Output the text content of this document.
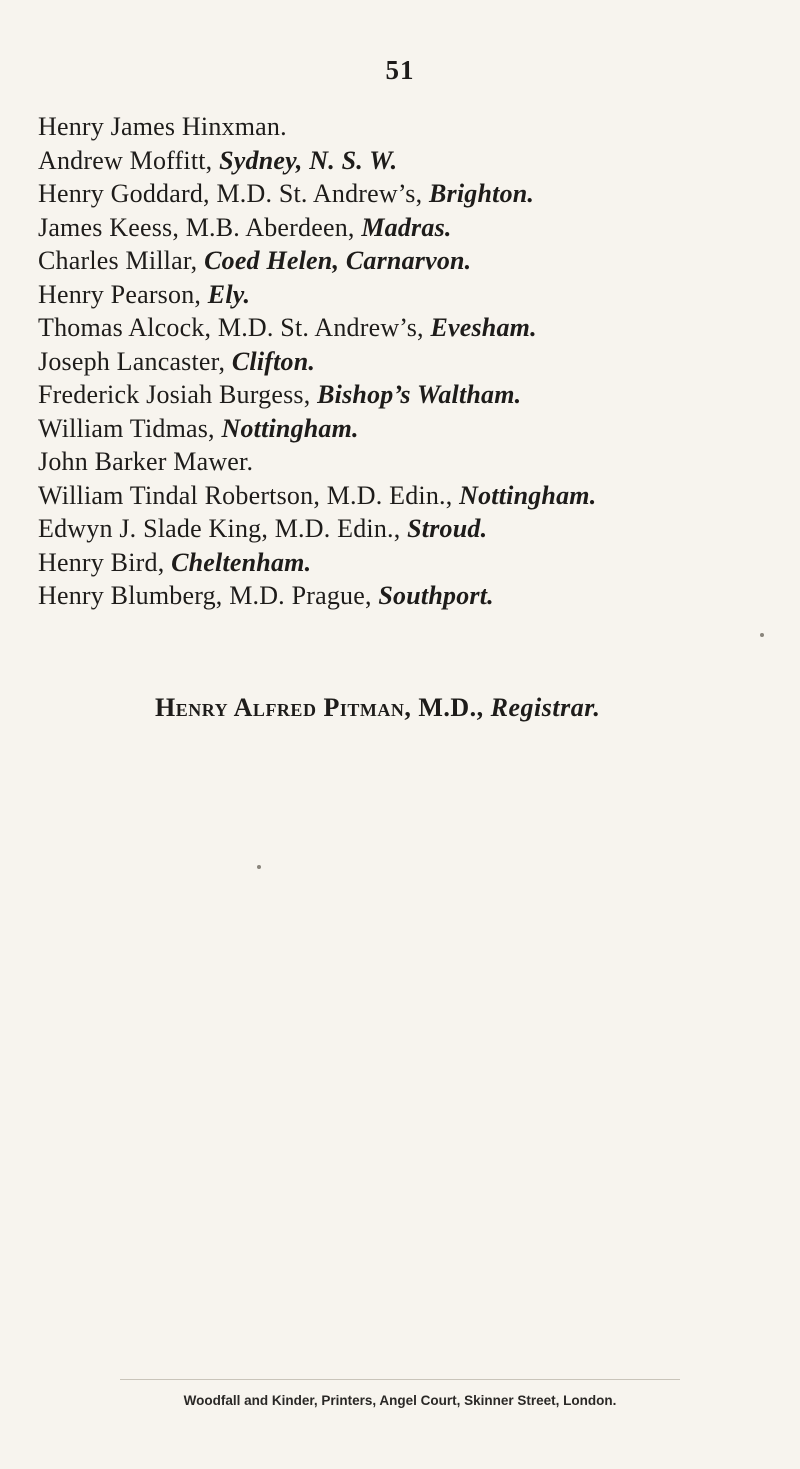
51
Henry James Hinxman.
Andrew Moffitt, Sydney, N. S. W.
Henry Goddard, M.D. St. Andrew’s, Brighton.
James Keess, M.B. Aberdeen, Madras.
Charles Millar, Coed Helen, Carnarvon.
Henry Pearson, Ely.
Thomas Alcock, M.D. St. Andrew’s, Evesham.
Joseph Lancaster, Clifton.
Frederick Josiah Burgess, Bishop’s Waltham.
William Tidmas, Nottingham.
John Barker Mawer.
William Tindal Robertson, M.D. Edin., Nottingham.
Edwyn J. Slade King, M.D. Edin., Stroud.
Henry Bird, Cheltenham.
Henry Blumberg, M.D. Prague, Southport.
Henry Alfred Pitman, M.D., Registrar.
Woodfall and Kinder, Printers, Angel Court, Skinner Street, London.
